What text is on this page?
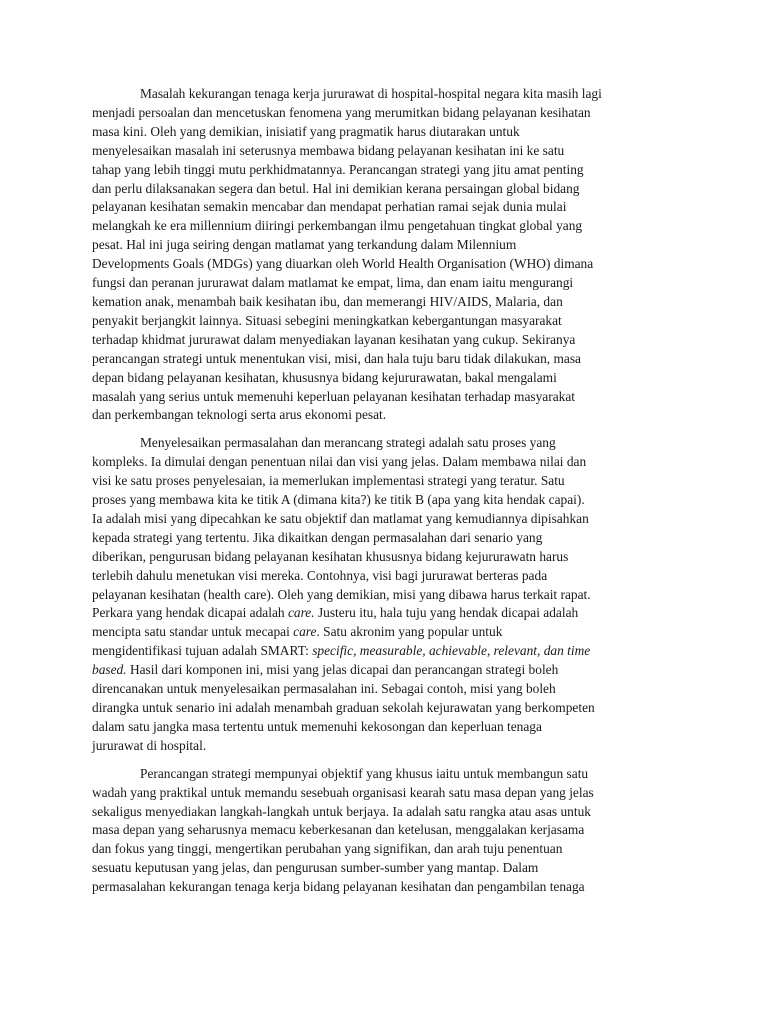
Masalah kekurangan tenaga kerja jururawat di hospital-hospital negara kita masih lagi
menjadi persoalan dan mencetuskan fenomena yang merumitkan bidang pelayanan kesihatan
masa kini. Oleh yang demikian, inisiatif yang pragmatik harus diutarakan untuk
menyelesaikan masalah ini seterusnya membawa bidang pelayanan kesihatan ini ke satu
tahap yang lebih tinggi mutu perkhidmatannya. Perancangan strategi yang jitu amat penting
dan perlu dilaksanakan segera dan betul. Hal ini demikian kerana persaingan global bidang
pelayanan kesihatan semakin mencabar dan mendapat perhatian ramai sejak dunia mulai
melangkah ke era millennium diiringi perkembangan ilmu pengetahuan tingkat global yang
pesat. Hal ini juga seiring dengan matlamat yang terkandung dalam Milennium
Developments Goals (MDGs) yang diuarkan oleh World Health Organisation (WHO) dimana
fungsi dan peranan jururawat dalam matlamat ke empat, lima, dan enam iaitu mengurangi
kemation anak, menambah baik kesihatan ibu, dan memerangi HIV/AIDS, Malaria, dan
penyakit berjangkit lainnya. Situasi sebegini meningkatkan kebergantungan masyarakat
terhadap khidmat jururawat dalam menyediakan layanan kesihatan yang cukup. Sekiranya
perancangan strategi untuk menentukan visi, misi, dan hala tuju baru tidak dilakukan, masa
depan bidang pelayanan kesihatan, khususnya bidang kejururawatan, bakal mengalami
masalah yang serius untuk memenuhi keperluan pelayanan kesihatan terhadap masyarakat
dan perkembangan teknologi serta arus ekonomi pesat.
Menyelesaikan permasalahan dan merancang strategi adalah satu proses yang
kompleks. Ia dimulai dengan penentuan nilai dan visi yang jelas. Dalam membawa nilai dan
visi ke satu proses penyelesaian, ia memerlukan implementasi strategi yang teratur. Satu
proses yang membawa kita ke titik A (dimana kita?) ke titik B (apa yang kita hendak capai).
Ia adalah misi yang dipecahkan ke satu objektif dan matlamat yang kemudiannya dipisahkan
kepada strategi yang tertentu. Jika dikaitkan dengan permasalahan dari senario yang
diberikan, pengurusan bidang pelayanan kesihatan khususnya bidang kejururawatn harus
terlebih dahulu menetukan visi mereka. Contohnya, visi bagi jururawat berteras pada
pelayanan kesihatan (health care). Oleh yang demikian, misi yang dibawa harus terkait rapat.
Perkara yang hendak dicapai adalah care. Justeru itu, hala tuju yang hendak dicapai adalah
mencipta satu standar untuk mecapai care. Satu akronim yang popular untuk
mengidentifikasi tujuan adalah SMART: specific, measurable, achievable, relevant, dan time
based. Hasil dari komponen ini, misi yang jelas dicapai dan perancangan strategi boleh
direncanakan untuk menyelesaikan permasalahan ini. Sebagai contoh, misi yang boleh
dirangka untuk senario ini adalah menambah graduan sekolah kejurawatan yang berkompeten
dalam satu jangka masa tertentu untuk memenuhi kekosongan dan keperluan tenaga
jururawat di hospital.
Perancangan strategi mempunyai objektif yang khusus iaitu untuk membangun satu
wadah yang praktikal untuk memandu sesebuah organisasi kearah satu masa depan yang jelas
sekaligus menyediakan langkah-langkah untuk berjaya. Ia adalah satu rangka atau asas untuk
masa depan yang seharusnya memacu keberkesanan dan ketelusan, menggalakan kerjasama
dan fokus yang tinggi, mengertikan perubahan yang signifikan, dan arah tuju penentuan
sesuatu keputusan yang jelas, dan pengurusan sumber-sumber yang mantap. Dalam
permasalahan kekurangan tenaga kerja bidang pelayanan kesihatan dan pengambilan tenaga
